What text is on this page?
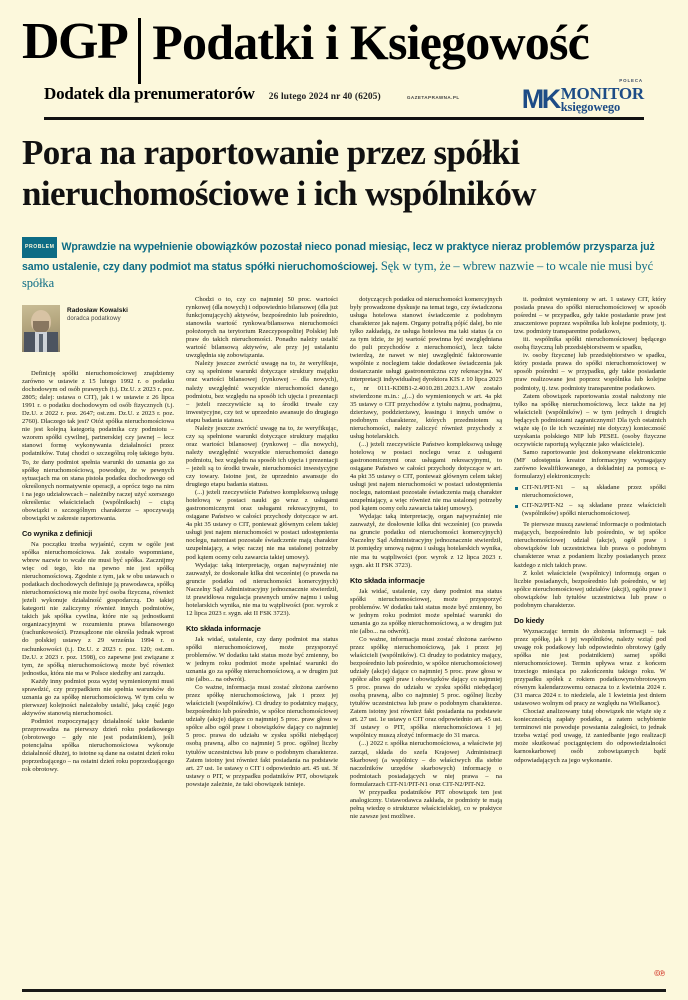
DGP Podatki i Księgowość
Dodatek dla prenumeratorów 26 lutego 2024 nr 40 (6205)	GAZETAPRAWNA.PL
POLECA
MK MONITOR
księgowego
Pora na raportowanie przez spółki nieruchomościowe i ich wspólników
PROBLEM Wprawdzie na wypełnienie obowiązków pozostał nieco ponad miesiąc, lecz w praktyce nieraz problemów przysparza już samo ustalenie, czy dany podmiot ma status spółki nieruchomościowej. Sęk w tym, że – wbrew nazwie – to wcale nie musi być spółka
Radosław Kowalski
doradca podatkowy

Definicję spółki nieruchomościowej znajdziemy zarówno w ustawie z 15 lutego 1992 r. o podatku dochodowym od osób prawnych (t.j. Dz.U. z 2023 r. poz. 2805; dalej: ustawa o CIT), jak i w ustawie z 26 lipca 1991 r. o podatku dochodowym od osób fizycznych (t.j. Dz.U. z 2022 r. poz. 2647; ost.zm. Dz.U. z 2023 r. poz. 2760). Dlaczego tak jest? Otóż spółka nieruchomościowa nie jest kolejną kategorią podatnika czy podmiotu – wzorem spółki cywilnej, partnerskiej czy jawnej – lecz stanowi formę wykonywania działalności przez podatników. Tutaj chodzi o szczególną rolę takiego bytu. To, że dany podmiot spełnia warunki do uznania go za spółkę nieruchomościową, powoduje, że w pewnych sytuacjach ma on stana pistoła podatku dochodowego od określonych normatywnie operacji, a oprócz tego na nim i na jego udziałowcach – należniby raczej użyć szerszego określenia: właścicielach (wspólnikach) – ciążą obowiązki o szczególnym charakterze – spoczywają obowiązki w zakresie raportowania.

Co wynika z definicji

Na początku trzeba wyjaśnić, czym w ogóle jest spółka nieruchomościowa. Jak zostało wspomniane, wbrew nazwie to wcale nie musi być spółka. Zacznijmy więc od tego, kto na pewno nie jest spółką nieruchomościową. Zgodnie z tym, jak w obu ustawach o podatkach dochodowych definiuje ją prawodawca, spółką nieruchomościową nie może być osoba fizyczna, również jeżeli wykonuje działalność gospodarczą. Do takiej kategorii nie zaliczymy również innych podmiotów, takich jak spółka cywilna, które nie są jednostkami organizacyjnymi w rozumieniu prawa bilansowego (rachunkowości). Przesądzone nie określa jednak wprost do polskiej ustawy z 29 września 1994 r. o rachunkowości (t.j. Dz.U. z 2023 r. poz. 120; ost.zm. Dz.U. z 2023 r. poz. 1598), co zapewne jest związane z tym, że spółką nieruchomościową może być również jednostka, która nie ma w Polsce siedziby ani zarządu.

Każdy inny podmiot poza wyżej wymienionymi musi sprawdzić, czy przypadkiem nie spełnia warunków do uznania go za spółkę nieruchomościową. W tym celu w pierwszej kolejności należałoby ustalić, jaką część jego aktywów stanowią nieruchomości.

Podmiot rozpoczynający działalność takie badanie przeprowadza na pierwszy dzień roku podatkowego (obrotowego – gdy nie jest podatnikiem), jeśli potencjalna spółka nieruchomościowa wykonuje działalność dłużej, to istotne są dane na ostatni dzień roku poprzedzającego – na ostatni dzień roku poprzedzającego rok obrotowy.

Chodzi o to, czy co najmniej 50 proc. wartości rynkowej (dla nowych) i odpowiednio bilansowej (dla już funkcjonujących) aktywów, bezpośrednio lub pośrednio, stanowiła wartość rynkowa/bilansowa nieruchomości położonych na terytorium Rzeczypospolitej Polskiej lub praw do takich nieruchomości. Ponadto należy ustalić wartość bilansową aktywów, ale przy jej ustalaniu uwzględnia się zobowiązania.

Należy jeszcze zwrócić uwagę na to, że weryfikuje, czy są spełnione warunki dotyczące struktury majątku oraz wartości bilansowej (rynkowej – dla nowych), należy uwzględnić wszystkie nieruchomości danego podmiotu, bez względu na sposób ich ujęcia i prezentacji – jeżeli rzeczywiście są to środki trwałe czy inwestycyjne, czy też w uprzednio awansuje do drugiego etapu badania statusu.

Należy jeszcze zwrócić uwagę na to, że weryfikując, czy są spełnione warunki dotyczące struktury majątku oraz wartości bilansowej (rynkowej – dla nowych), należy uwzględnić wszystkie nieruchomości danego podmiotu, bez względu na sposób ich ujęcia i prezentacji – jeżeli są to środki trwałe, nieruchomości inwestycyjne czy towary. Istotne jest, że uprzednio awansuje do drugiego etapu badania statusu.

(...) jeżeli rzeczywiście Państwo kompleksową usługę hotelową w postaci nauki go wraz z usługami gastronomicznymi oraz usługami rekreacyjnymi, to osiągane Państwo w całości przychody dotyczące w art. 4a pkt 35 ustawy o CIT, ponieważ głównym celem takiej usługi jest najem nieruchomości w postaci udostępnienia noclegu, natomiast pozostałe świadczenie mają charakter uzupełniający, a więc raczej nie ma ustalonej potrzeby pod kątem oceny celu zawarcia takiej umowy).

Wydając taką interpretację, organ najwyraźniej nie zauważył, że doskonale kilka dni wcześniej (o prawda na gruncie podatku od nieruchomości komercyjnych) Naczelny Sąd Administracyjny jednoznacznie stwierdził, iż prawidłowa regulacja prawnych umów najmu i usług hotelarskich wynika, nie ma tu wątpliwości (por. wyrok z 12 lipca 2023 r. sygn. akt II FSK 3723).

Kto składa informacje

Jak widać, ustalenie, czy dany podmiot ma status spółki nieruchomościowej, może przysporzyć problemów. W dodatku taki status może być zmienny, bo w jednym roku podmiot może spełniać warunki do uznania go za spółkę nieruchomościową, a w drugim już nie (albo... na odwrót).

Co ważne, informacja musi zostać złożona zarówno przez spółkę nieruchomościową, jak i przez jej właścicieli (wspólników). Ci drudzy to podatnicy mający, bezpośrednio lub pośrednio, w spółce nieruchomościowej udziały (akcje) dające co najmniej 5 proc. praw głosu w spółce albo ogół praw i obowiązków dający co najmniej 5 proc. prawa do udziału w zysku spółki niebędącej osobą prawną, albo co najmniej 5 proc. ogólnej liczby tytułów uczestnictwa lub praw o podobnym charakterze. Zatem istotny jest również fakt posiadania na podstawie art. 27 ust. 1e ustawy o CIT i odpowiednio art. 45 ust. 3f ustawy o PIT, w przypadku podatników PIT, obowiązek powstaje zależnie, że taki obowiązek istnieje.

dotyczących podatku od nieruchomości komercyjnych były prowadzone dyskusje na temat tego, czy świadczona usługa hotelowa stanowi świadczenie z podobnym charakterze jak najem. Organy potrafią pójść dalej, bo nie tylko zakładają, że usługa hotelowa ma taki status (a co za tym idzie, że jej wartość powinna być uwzględniana do puli przychodów z nieruchomości), lecz także twierdzą, że nawet w niej uwzględnić faktorowanie wspólnie z noclegiem takie dodatkowe świadczenia jak dostarczanie usługi gastronomiczna czy rekreacyjna. W interpretacji indywidualnej dyrektora KIS z 10 lipca 2023 r., nr 0111-KDIB1-2.4010.281.2023.1.AW zostało stwierdzone m.in.: „(...) do wymienionych w art. 4a pkt 35 ustawy o CIT przychodów z tytułu najmu, podnajmu, dzierżawy, poddzierżawy, leasingu i innych umów o podobnym charakterze, których przedmiotem są nieruchomości, należy zaliczyć również przychody z usług hotelarskich.

(...) jeżeli rzeczywiście Państwo kompleksową usługę hotelową w postaci noclegu wraz z usługami gastronomicznymi oraz usługami rekreacyjnymi, to osiągane Państwo w całości przychody dotyczące w art. 4a pkt 35 ustawy o CIT, ponieważ głównym celem takiej usługi jest najem nieruchomości w postaci udostępnienia noclegu, natomiast pozostałe świadczenia mają charakter uzupełniający, a więc również nie ma ustalonej potrzeby pod kątem oceny celu zawarcia takiej umowy).

Wydając taką interpretację, organ najwyraźniej nie zauważył, że dosłownie kilka dni wcześniej (co prawda na gruncie podatku od nieruchomości komercyjnych) Naczelny Sąd Administracyjny jednoznacznie stwierdził, iż pomiędzy umową najmu i usługą hotelarskich wynika, nie ma tu wątpliwości (por. wyrok z 12 lipca 2023 r. sygn. akt II FSK 3723).

Kto składa informacje

Jak widać, ustalenie, czy dany podmiot ma status spółki nieruchomościowej, może przysporzyć problemów. W dodatku taki status może być zmienny, bo w jednym roku podmiot może spełniać warunki do uznania go za spółkę nieruchomościową, a w drugim już nie (albo... na odwrót).

Co ważne, informacja musi zostać złożona zarówno przez spółkę nieruchomościową, jak i przez jej właścicieli (wspólników). Ci drudzy to podatnicy mający, bezpośrednio lub pośrednio, w spółce nieruchomościowej udziały (akcje) dające co najmniej 5 proc. praw głosu w spółce albo ogół praw i obowiązków dający co najmniej 5 proc. prawa do udziału w zysku spółki niebędącej osobą prawną, albo co najmniej 5 proc. ogólnej liczby tytułów uczestnictwa lub praw o podobnym charakterze. Zatem istotny jest również fakt posiadania na podstawie art. 27 ust. 1e ustawy o CIT oraz odpowiednio art. 45 ust. 3f ustawy o PIT, spółka nieruchomościowa i jej wspólnicy muszą złożyć informacje do 31 marca.

(...) 2022 r. spółka nieruchomościowa, a właściwie jej zarząd, składa do szefa Krajowej Administracji Skarbowej (a wspólnicy – do właściwych dla siebie naczelników urzędów skarbowych) informację o podmiotach posiadających w niej prawa – na formularzach CIT-N1/PIT-N1 oraz CIT-N2/PIT-N2.

W przypadku podatników PIT obowiązek ten jest analogiczny. Ustawodawca zakłada, że podmioty te mają pełną wiedzę o strukturze właścicielskiej, co w praktyce nie zawsze jest możliwe.

ii. podmiot wymieniony w art. 1 ustawy CIT, który posiada prawa do spółki nieruchomościowej w sposób pośredni – w przypadku, gdy takie posiadanie praw jest znaczeniowe poprzez współnika lub kolejne podmioty, tj. tzw. podmioty transparentne podatkowo,

iii. wspólnika spółki nieruchomościowej będącego osobą fizyczną lub przedsiębiorstwem w spadku,

iv. osoby fizycznej lub przedsiębiorstwo w spadku, który posiada prawa do spółki nieruchomościowej w sposób pośredni – w przypadku, gdy takie posiadanie praw realizowane jest poprzez wspólnika lub kolejne podmioty, tj. tzw. podmioty transparentne podatkowo.

Zatem obowiązek raportowania został nałożony nie tylko na spółkę nieruchomościową, lecz także na jej właścicieli (wspólników) – w tym jednych i drugich będących podmiotami zagranicznymi! Dla tych ostatnich wiąże się (o ile ich wcześniej nie dotyczy) konieczność uzyskania polskiego NIP lub PESEL (osoby fizyczne oczywiście raportują wyłącznie jako właściciele).

Samo raportowanie jest dokonywane elektronicznie (MF udostępnia kreator informacyjny wymagający zarówno kwalifikowanego, a dokładniej za pomocą e-formularzy) elektronicznych:

CIT-N1/PIT-N1 – są składane przez spółki nieruchomościowe,
CIT-N2/PIT-N2 – są składane przez właścicieli (wspólników) spółki nieruchomościowej.

Te pierwsze muszą zawierać informacje o podmiotach mających, bezpośrednio lub pośrednio, w tej spółce nieruchomościowej udział (akcje), ogół praw i obowiązków lub uczestnictwa lub prawa o podobnym charakterze wraz z podaniem liczby posiadanych przez każdego z nich takich praw.

Z kolei właściciele (wspólnicy) informują organ o liczbie posiadanych, bezpośrednio lub pośrednio, w tej spółce nieruchomościowej udziałów (akcji), ogółu praw i obowiązków lub tytułów uczestnictwa lub praw o podobnym charakterze.

Do kiedy

Wyznaczając termin do złożenia informacji – tak przez spółkę, jak i jej wspólników, należy wziąć pod uwagę rok podatkowy lub odpowiednio obrotowy (gdy spółka nie jest podatnikiem) samej spółki nieruchomościowej. Termin upływa wraz z końcem trzeciego miesiąca po zakończeniu takiego roku. W przypadku spółek z rokiem podatkowym/obrotowym równym kalendarzowemu oznacza to z kwietnia 2024 r. (31 marca 2024 r. to niedziela, ale 1 kwietnia jest dniem ustawowo wolnym od pracy ze względu na Wielkanoc).

Chociaż analizowany tutaj obowiązek nie wiąże się z koniecznością zapłaty podatku, a zatem uchybienie terminowi nie powoduje powstania zaległości, to jednak trzeba wziąć pod uwagę, iż zaniedbanie jego realizacji może skutkować pociągnięciem do odpowiedzialności karnoskarbowej osób zobowiązanych bądź odpowiadających za jego wykonanie.

©℗
